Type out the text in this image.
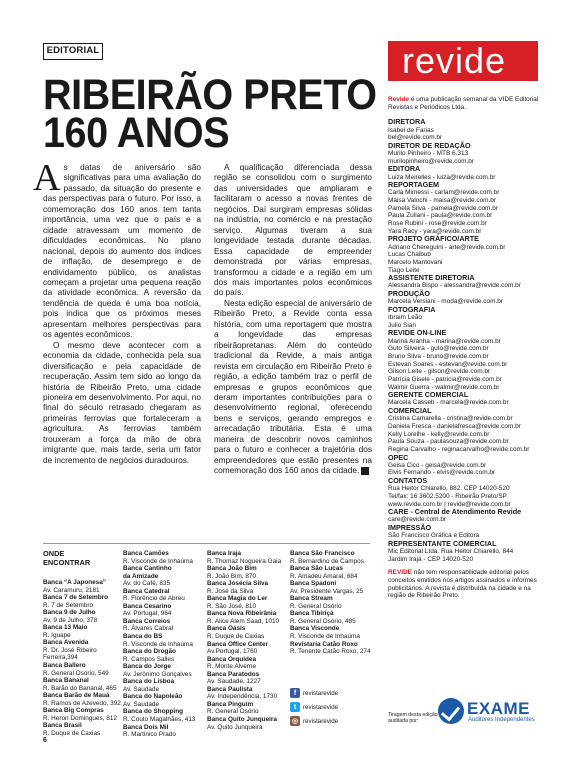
EDITORIAL
RIBEIRÃO PRETO
160 ANOS

As datas de aniversário são significativas para uma avaliação do passado, da situação do presente e das perspectivas para o futuro. Por isso, a comemoração dos 160 anos tem tanta importância, uma vez que o país e a cidade atravessam um momento de dificuldades econômicas. No plano nacional, depois do aumento dos índices de inflação, de desemprego e de endividamento público, os analistas começam a projetar uma pequena reação da atividade econômica. A reversão da tendência de queda é uma boa notícia, pois indica que os próximos meses apresentam melhores perspectivas para os agentes econômicos.

O mesmo deve acontecer com a economia da cidade, conhecida pela sua diversificação e pela capacidade de recuperação. Assim tem sido ao longo da história de Ribeirão Preto, uma cidade pioneira em desenvolvimento. Por aqui, no final do século retrasado chegaram as primeiras ferrovias que fortaleceram a agricultura. As ferrovias também trouxeram a força da mão de obra imigrante que, mais tarde, seria um fator de incremento de negócios duradouros.

A qualificação diferenciada dessa região se consolidou com o surgimento das universidades que ampliaram e facilitaram o acesso a novas frentes de negócios. Daí surgiram empresas sólidas na indústria, no comércio e na prestação serviço. Algumas tiveram a sua longevidade testada durante décadas. Essa capacidade de empreender demonstrada por várias empresas, transformou a cidade e a região em um dos mais importantes polos econômicos do país.

Nesta edição especial de aniversário de Ribeirão Preto, a Revide conta essa história, com uma reportagem que mostra a longevidade das empresas ribeirãopretanas. Além do conteúdo tradicional da Revide, a mais antiga revista em circulação em Ribeirão Preto e região, a edição também traz o perfil de empresas e grupos econômicos que deram importantes contribuições para o desenvolvimento regional, oferecendo bens e serviços, gerando empregos e arrecadação tributária. Esta é uma maneira de descobrir novos caminhos para o futuro e conhecer a trajetória dos empreendedores que estão presentes na comemoração dos 160 anos da cidade.

ONDE
ENCONTRAR
Banca “A Japonesa”
Av. Caramuru, 2181
Banca 7 de Setembro
R. 7 de Setembro
Banca 9 de Julho
Av. 9 de Julho, 378
Banca 13 Maio
R. Iguape
Banca Avenida
R. Dr. José Ribeiro
Ferreira,394
Banca Ballero
R. General Osório, 549
Banca Bananal
R. Barão do Bananal, 465
Banca Barão de Mauá
R. Ramos de Azevedo, 392
Banca Big Compras
R. Heron Domingues, 812
Banca Brasil
R. Duque de Caxias
Banca Camões
R. Visconde de Inhaúma
Banca Cantinho
da Amizade
Av. do Café, 835
Banca Catedral
R. Florêncio de Abreu
Banca Cesarino
Av. Portugal, 964
Banca Correios
R. Álvares Cabral
Banca do BS
R. Visconde de Inhaúma
Banca do Drogão
R. Campos Salles
Banca do Jorge
Av. Jerônimo Gonçalves
Banca do Lisboa
Av. Saudade
Banca do Napoleão
Av. Saudade
Banca do Shopping
R. Couto Magalhães, 413
Banca Dois Mil
R. Martinico Prado
Banca Iraja
R. Thomaz Nogueira Gaia
Banca João Bim
R. João Bim, 870
Banca Josécia Silva
R. José da Silva
Banca Magia do Ler
R. São José, 810
Banca Nova Ribeirânia
R. Alice Alem Saad, 1010
Banca Oásis
R. Duque de Caxias
Banca Office Center
Av.Portugal, 1760
Banca Orquídea
R. Monte Alverne
Banca Paratodos
Av. Saudade, 1227
Banca Paulista
Av. Independência, 1730
Banca Pinguim
R. General Osório
Banca Quito Junqueira
Av. Quito Junqueira
Banca São Francisco
R. Bernardino de Campos
Banca São Lucas
R. Amadeu Amaral, 684
Banca Spadoni
Av. Presidente Vargas, 25
Banca Stream
R. General Osório
Banca Tibiriçá
R. General Osório, 485
Banca Visconde
R. Visconde de Inhaúma
Revistaria Catão Roxo
R. Tenente Catão Roxo, 274
f	revistarevide
t	revistarevide
◎ revistarevide
revide
Revide é uma publicação semanal da VIDE Editorial Revistas e Periódicos Ltda.
DIRETORA
Isabel de Farias
bel@revide.com.br
DIRETOR DE REDAÇÃO
Murilo Pinheiro - MTB 6.313
murilopinheiro@revide.com.br
EDITORA
Luiza Meirelles - luiza@revide.com.br
REPORTAGEM
Carla Mimessi - carlam@revide.com.br
Máisa Valochi - maisa@revide.com.br
Pamela Silva - pamela@revide.com.br
Paula Zuliani - paula@revide.com.br
Rose Rubini - rose@revide.com.br
Yara Racy - yara@revide.com.br
PROJETO GRÁFICO/ARTE
Adriano Chereguini - arte@revide.com.br
Lucas Chaibub
Marcelo Mantovani
Tiago Leite
ASSISTENTE DIRETORIA
Alessandra Bispo - alessandra@revide.com.br
PRODUÇÃO
Marcela Versiani - moda@revide.com.br
FOTOGRAFIA
Ibraim Leão
Julio Sian
REVIDE ON-LINE
Marina Aranha - marina@revide.com.br
Guto Silveira - guto@revide.com.br
Bruno Silva - bruno@revide.com.br
Estevan Soares - estevan@revide.com.br
Gilson Leite - gilson@revide.com.br
Patrícia Gisele - patricia@revide.com.br
Walmir Guerra - walmir@revide.com.br
GERENTE COMERCIAL
Marcela Casseb - marcela@revide.com.br
COMERCIAL
Cristina Camarella - cristina@revide.com.br
Daniela Fresca - danielafresca@revide.com.br
Kelly Lorelhe - kelly@revide.com.br
Paula Souza - paulasouza@revide.com.br
Regina Carvalho - reginacarvalho@revide.com.br
OPEC
Geisa Cico - geisa@revide.com.br
Elvis Fernando - elvis@revide.com.br
CONTATOS
Rua Heitor Chiarello, 882. CEP 14020-520
Tel/fax: 16 3602.5200 - Ribeirão Preto/SP
www.revide.com.br | revide@revide.com.br
CARE - Central de Atendimento Revide
care@revide.com.br
IMPRESSÃO
São Francisco Gráfica e Editora
REPRESENTANTE COMERCIAL
Mic Editorial Ltda. Rua Heitor Chiarello, 844
Jardim Irajá - CEP 14020-520
REVIDE não tem responsabilidade editorial pelos conceitos emitidos nos artigos assinados e informes publicitários. A revista é distribuída na cidade e na região de Ribeirão Preto.
Tiragem desta edição auditada por:
EXAME
Auditores Independentes
6
